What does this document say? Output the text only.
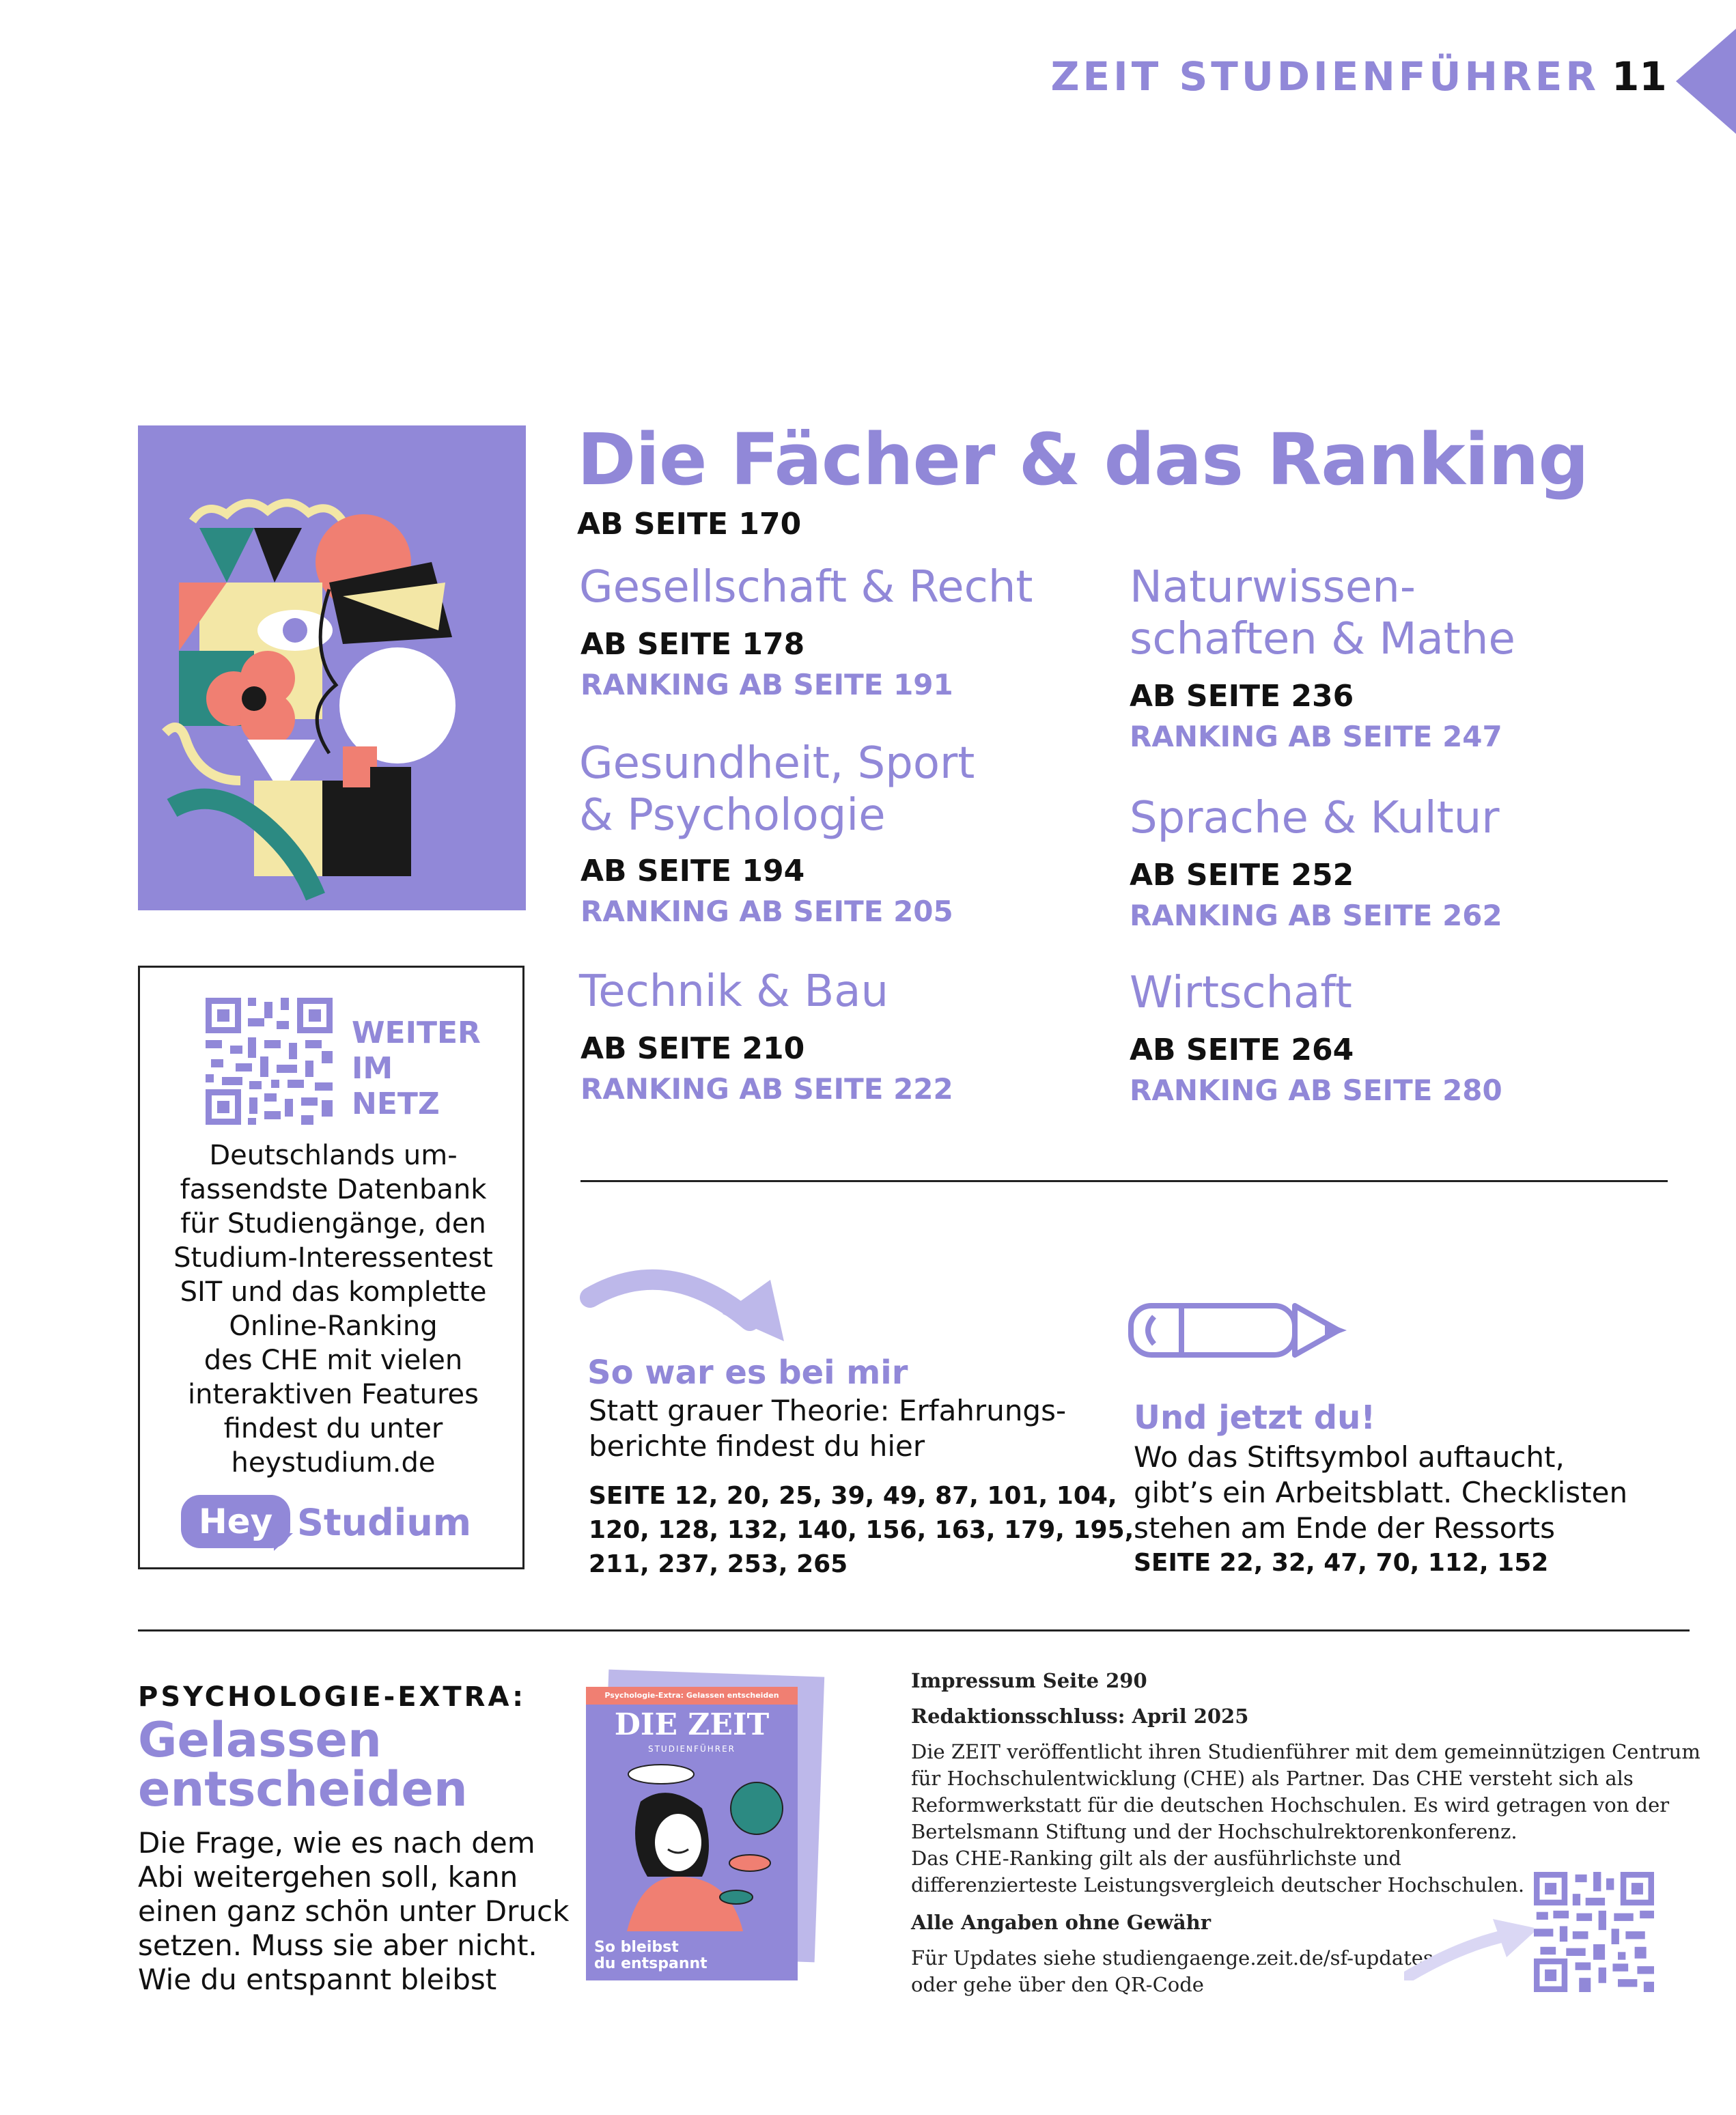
ZEIT STUDIENFÜHRER 11
WEITER
IM
NETZ
Deutschlands um-
fassendste Datenbank
für Studiengänge, den
Studium-Interessentest
SIT und das komplette
Online-Ranking
des CHE mit vielen
interaktiven Features
findest du unter
heystudium.de
Hey Studium
Die Fächer & das Ranking
AB SEITE 170
Gesellschaft & Recht
AB SEITE 178
RANKING AB SEITE 191
Gesundheit, Sport
& Psychologie
AB SEITE 194
RANKING AB SEITE 205
Technik & Bau
AB SEITE 210
RANKING AB SEITE 222
Naturwissen-
schaften & Mathe
AB SEITE 236
RANKING AB SEITE 247
Sprache & Kultur
AB SEITE 252
RANKING AB SEITE 262
Wirtschaft
AB SEITE 264
RANKING AB SEITE 280
So war es bei mir
Statt grauer Theorie: Erfahrungs-
berichte findest du hier
SEITE 12, 20, 25, 39, 49, 87, 101, 104,
120, 128, 132, 140, 156, 163, 179, 195,
211, 237, 253, 265
Und jetzt du!
Wo das Stiftsymbol auftaucht,
gibt’s ein Arbeitsblatt. Checklisten
stehen am Ende der Ressorts
SEITE 22, 32, 47, 70, 112, 152
PSYCHOLOGIE-EXTRA:
Gelassen
entscheiden
Die Frage, wie es nach dem
Abi weitergehen soll, kann
einen ganz schön unter Druck
setzen. Muss sie aber nicht.
Wie du entspannt bleibst
Psychologie-Extra: Gelassen entscheiden
DIE ZEIT
STUDIENFÜHRER
So bleibst
du entspannt
Impressum Seite 290
Redaktionsschluss: April 2025
Die ZEIT veröffentlicht ihren Studienführer mit dem gemeinnützigen Centrum
für Hochschulentwicklung (CHE) als Partner. Das CHE versteht sich als
Reformwerkstatt für die deutschen Hochschulen. Es wird getragen von der
Bertelsmann Stiftung und der Hochschulrektorenkonferenz.
Das CHE-Ranking gilt als der ausführlichste und
differenzierteste Leistungsvergleich deutscher Hochschulen.
Alle Angaben ohne Gewähr
Für Updates siehe studiengaenge.zeit.de/sf-updates
oder gehe über den QR-Code
